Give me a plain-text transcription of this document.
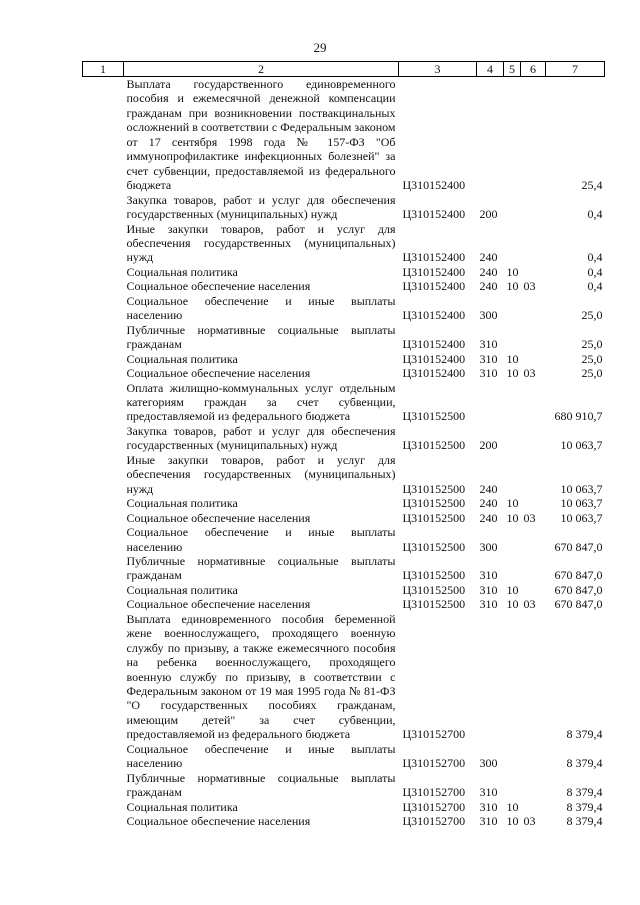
29
1	2	3	4	5	6	7
	Выплата государственного единовременного пособия и ежемесячной денежной компенсации гражданам при возникновении поствакцинальных осложнений в соответствии с Федеральным законом от 17 сентября 1998 года № 157-ФЗ "Об иммунопрофилактике инфекционных болезней" за счет субвенции, предоставляемой из федерального бюджета	Ц310152400				25,4
	Закупка товаров, работ и услуг для обеспечения государственных (муниципальных) нужд	Ц310152400	200			0,4
	Иные закупки товаров, работ и услуг для обеспечения государственных (муниципальных) нужд	Ц310152400	240			0,4
	Социальная политика	Ц310152400	240	10		0,4
	Социальное обеспечение населения	Ц310152400	240	10	03	0,4
	Социальное обеспечение и иные выплаты населению	Ц310152400	300			25,0
	Публичные нормативные социальные выплаты гражданам	Ц310152400	310			25,0
	Социальная политика	Ц310152400	310	10		25,0
	Социальное обеспечение населения	Ц310152400	310	10	03	25,0
	Оплата жилищно-коммунальных услуг отдельным категориям граждан за счет субвенции, предоставляемой из федерального бюджета	Ц310152500				680 910,7
	Закупка товаров, работ и услуг для обеспечения государственных (муниципальных) нужд	Ц310152500	200			10 063,7
	Иные закупки товаров, работ и услуг для обеспечения государственных (муниципальных) нужд	Ц310152500	240			10 063,7
	Социальная политика	Ц310152500	240	10		10 063,7
	Социальное обеспечение населения	Ц310152500	240	10	03	10 063,7
	Социальное обеспечение и иные выплаты населению	Ц310152500	300			670 847,0
	Публичные нормативные социальные выплаты гражданам	Ц310152500	310			670 847,0
	Социальная политика	Ц310152500	310	10		670 847,0
	Социальное обеспечение населения	Ц310152500	310	10	03	670 847,0
	Выплата единовременного пособия беременной жене военнослужащего, проходящего военную службу по призыву, а также ежемесячного пособия на ребенка военнослужащего, проходящего военную службу по призыву, в соответствии с Федеральным законом от 19 мая 1995 года № 81-ФЗ "О государственных пособиях гражданам, имеющим детей" за счет субвенции, предоставляемой из федерального бюджета	Ц310152700				8 379,4
	Социальное обеспечение и иные выплаты населению	Ц310152700	300			8 379,4
	Публичные нормативные социальные выплаты гражданам	Ц310152700	310			8 379,4
	Социальная политика	Ц310152700	310	10		8 379,4
	Социальное обеспечение населения	Ц310152700	310	10	03	8 379,4
